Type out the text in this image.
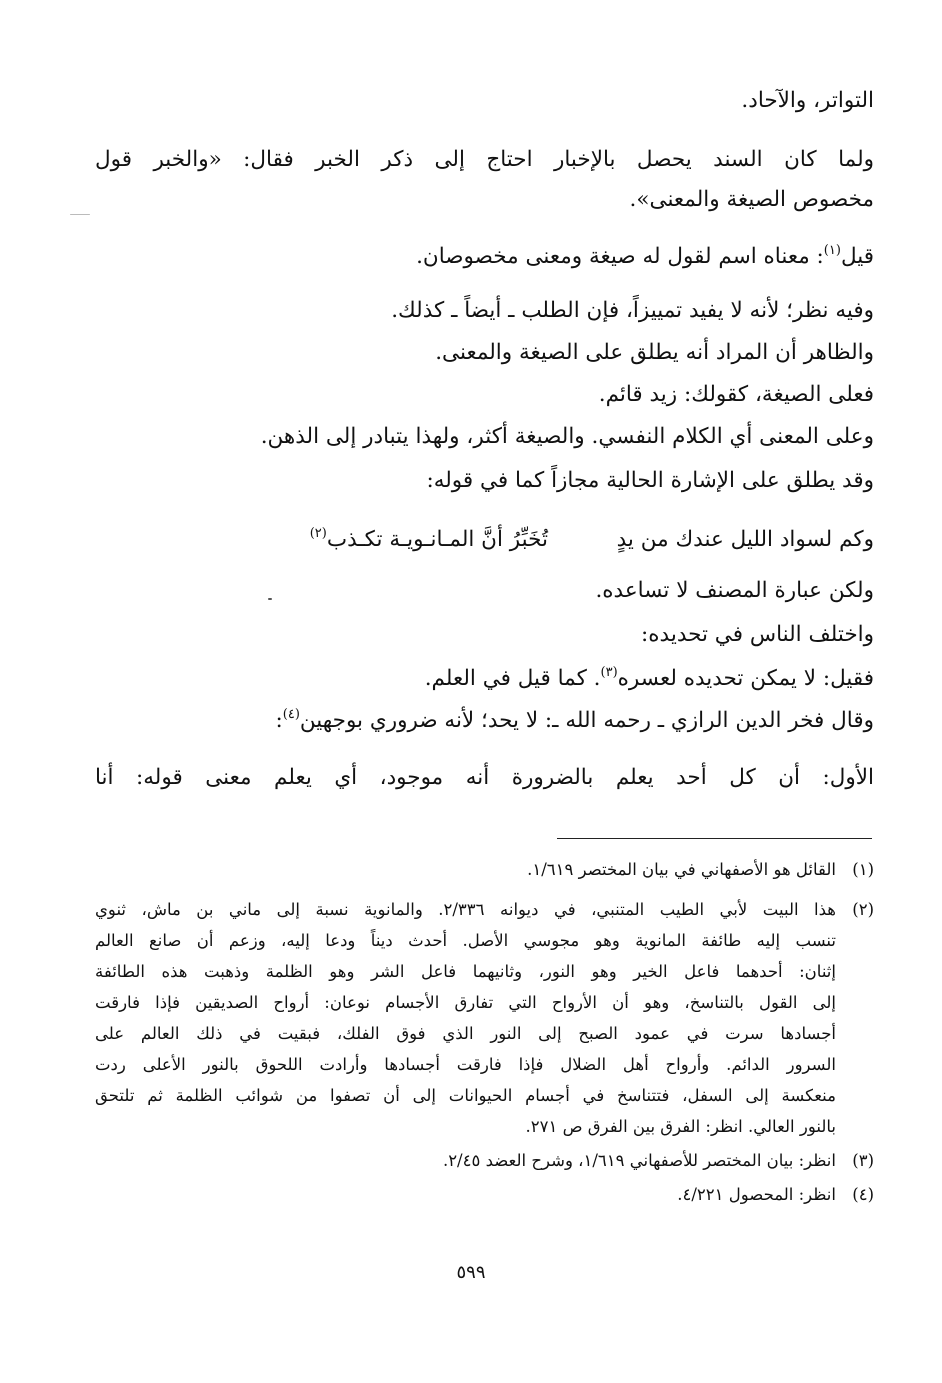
التواتر، والآحاد.
ولما كان السند يحصل بالإخبار احتاج إلى ذكر الخبر فقال: «والخبر قول
مخصوص الصيغة والمعنى».
قيل$^{(١)}$: معناه اسم لقول له صيغة ومعنى مخصوصان.
وفيه نظر؛ لأنه لا يفيد تمييزاً، فإن الطلب ـ أيضاً ـ كذلك.
والظاهر أن المراد أنه يطلق على الصيغة والمعنى.
فعلى الصيغة، كقولك: زيد قائم.
وعلى المعنى أي الكلام النفسي. والصيغة أكثر، ولهذا يتبادر إلى الذهن.
وقد يطلق على الإشارة الحالية مجازاً كما في قوله:
وكم لسواد الليل عندك من يدٍ
تُخَبِّرُ أنَّ المـانـويـة تكـذب$^{(٢)}$
ولكن عبارة المصنف لا تساعده.
واختلف الناس في تحديده:
فقيل: لا يمكن تحديده لعسره$^{(٣)}$. كما قيل في العلم.
وقال فخر الدين الرازي ـ رحمه الله ـ: لا يحد؛ لأنه ضروري بوجهين$^{(٤)}$:
الأول: أن كل أحد يعلم بالضرورة أنه موجود، أي يعلم معنى قوله: أنا
(١)
القائل هو الأصفهاني في بيان المختصر ١/٦١٩.
(٢)
هذا البيت لأبي الطيب المتنبي، في ديوانه ٢/٣٣٦. والمانوية نسبة إلى ماني بن ماش، ثنوي
تنسب إليه طائفة المانوية وهو مجوسي الأصل. أحدث ديناً ودعا إليه، وزعم أن صانع العالم
إثنان: أحدهما فاعل الخير وهو النور، وثانيهما فاعل الشر وهو الظلمة وذهبت هذه الطائفة
إلى القول بالتناسخ، وهو أن الأرواح التي تفارق الأجسام نوعان: أرواح الصديقين فإذا فارقت
أجسادها سرت في عمود الصبح إلى النور الذي فوق الفلك، فبقيت في ذلك العالم على
السرور الدائم. وأرواح أهل الضلال فإذا فارقت أجسادها وأرادت اللحوق بالنور الأعلى ردت
منعكسة إلى السفل، فتتناسخ في أجسام الحيوانات إلى أن تصفوا من شوائب الظلمة ثم تلتحق
بالنور العالي. انظر: الفرق بين الفرق ص ٢٧١.
(٣)
انظر: بيان المختصر للأصفهاني ١/٦١٩، وشرح العضد ٢/٤٥.
(٤)
انظر: المحصول ٤/٢٢١.
٥٩٩
